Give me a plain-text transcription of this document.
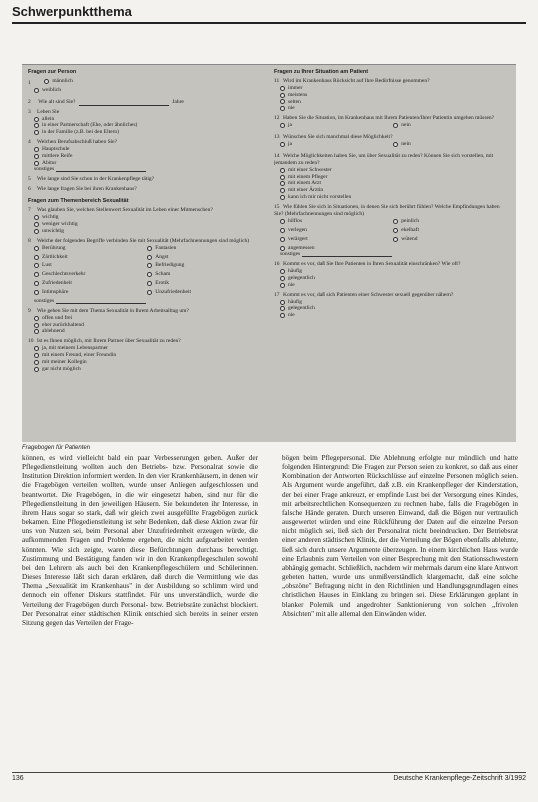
Schwerpunktthema
Fragen zur Person
1	männlich

weiblich
2 Wie alt sind Sie?	Jahre
3 Leben Sie
allein
in einer Partnerschaft (Ehe, oder ähnliches)
in der Familie (z.B. bei den Eltern)
4 Welchen Berufsabschluß haben Sie?
Hauptschule
mittlere Reife
Abitur
sonstiges
5 Wie lange sind Sie schon in der Krankenpflege tätig?
6 Wie lange fragen Sie bei ihren Krankenhaus?
Fragen zum Themenbereich Sexualität
7 Was glauben Sie, welchen Stellenwert Sexualität im Leben einer Mitmenschen?
wichtig
weniger wichtig
unwichtig
8 Welche der folgenden Begriffe verbinden Sie mit Sexualität (Mehrfachnennungen sind möglich)
Berührung	Fantasien

Zärtlichkeit	Angst

Lust	Befriedigung

Geschlechtsverkehr	Scham

Zufriedenheit	Erotik

Intimsphäre	Unzufriedenheit
sonstiges
9 Wie gehen Sie mit dem Thema Sexualität in Ihrem Arbeitsalltag um?
offen und frei
eher zurückhaltend
ablehnend
10 Ist es Ihnen möglich, mit Ihrem Partner über Sexualität zu reden?
ja, mit meinem Lebenspartner
mit einem Freund, einer Freundin
mit meiner Kollegin
gar nicht möglich
Fragen zu Ihrer Situation am Patient
11 Wird im Krankenhaus Rücksicht auf Ihre Bedürfnisse genommen?
immer
meistens
selten
nie
12 Haben Sie die Situation, im Krankenhaus mit Ihrem Patienten/Ihrer Patientin umgehen müssen?
ja	nein
13 Wünschen Sie sich manchmal diese Möglichkeit?
ja	nein
14 Welche Möglichkeiten haben Sie, um über Sexualität zu reden? Können Sie sich vorstellen, mit jemandem zu reden?
mit einer Schwester
mit einem Pfleger
mit einem Arzt
mit einer Ärztin
kann ich mir nicht vorstellen
15 Wie fühlen Sie sich in Situationen, in denen Sie sich berührt fühlen? Welche Empfindungen haben Sie? (Mehrfachnennungen sind möglich)
hilflos	peinlich

verlegen	ekelhaft

verärgert	wütend
angemessen
sonstiges
16 Kommt es vor, daß Sie Ihre Patienten in Ihren Sexualität einschränken? Wie oft?
häufig
gelegentlich
nie
17 Kommt es vor, daß sich Patienten einer Schwester sexuell gegenüber nähern?
häufig
gelegentlich
nie
Fragebogen für Patienten

können, es wird vielleicht bald ein paar Verbesserungen geben. Außer der Pflegedienstleitung wollten auch den Betriebs- bzw. Personalrat sowie die Institution Direktion informiert werden. In den vier Krankenhäusern, in denen wir die Fragebögen verteilen wollten, wurde unser Anliegen aufgeschlossen und beantwortet. Die Fragebögen, in die wir eingesetzt haben, sind nur für die Pflegedienstleitung in den jeweiligen Häusern. Sie bekundeten ihr Interesse, in ihrem Haus sogar so stark, daß wir gleich zwei ausgefüllte Fragebögen zurück bekamen. Eine Pflegedienstleitung ist sehr Bedenken, daß diese Aktion zwar für uns von Nutzen sei, beim Personal aber Unzufriedenheit erzeugen würde, die aufkommenden Fragen und Probleme ergeben, die nicht aufgearbeitet werden könnten. Wie sich zeigte, waren diese Befürchtungen durchaus berechtigt. Zustimmung und Bestätigung fanden wir in den Krankenpflegeschulen sowohl bei den Lehrern als auch bei den Krankenpflegeschülern und Schülerinnen. Dieses Interesse läßt sich daran erklären, daß durch die Vermittlung wie das Thema „Sexualität im Krankenhaus" in der Ausbildung so schlimm wird und dennoch ein offener Diskurs stattfindet. Für uns unverständlich, wurde die Verteilung der Fragebögen durch Personal- bzw. Betriebsräte zunächst blockiert. Der Personalrat einer städtischen Klinik entschied sich bereits in seiner ersten Sitzung gegen das Verteilen der Frage-

bögen beim Pflegepersonal. Die Ablehnung erfolgte nur mündlich und hatte folgenden Hintergrund: Die Fragen zur Person seien zu konkret, so daß aus einer Kombination der Antworten Rückschlüsse auf einzelne Personen möglich seien. Als Argument wurde angeführt, daß z.B. ein Krankenpfleger der Kinderstation, der bei einer Frage ankreuzt, er empfinde Lust bei der Versorgung eines Kindes, mit arbeitsrechtlichen Konsequenzen zu rechnen habe, falls die Fragebögen in falsche Hände geraten. Durch unseren Einwand, daß die Bögen nur vertraulich ausgewertet würden und eine Rückführung der Daten auf die einzelne Person nicht möglich sei, ließ sich der Personalrat nicht beeindrucken. Der Betriebsrat einer anderen städtischen Klinik, der die Verteilung der Bögen ebenfalls ablehnte, ließ sich durch unsere Argumente überzeugen. In einem kirchlichen Haus wurde eine Erlaubnis zum Verteilen von einer Besprechung mit den Stationsschwestern abhängig gemacht. Schließlich, nachdem wir mehrmals darum eine klare Antwort gebeten hatten, wurde uns unmißverständlich klargemacht, daß eine solche „obszöne" Befragung nicht in den Richtlinien und Handlungsgrundlagen eines christlichen Hauses in Einklang zu bringen sei. Diese Erklärungen geplant in blanker Polemik und angedrohter Sanktionierung von solchen „frivolen Absichten" mit alle allemal den Einwänden wider.

136	Deutsche Krankenpflege-Zeitschrift 3/1992
